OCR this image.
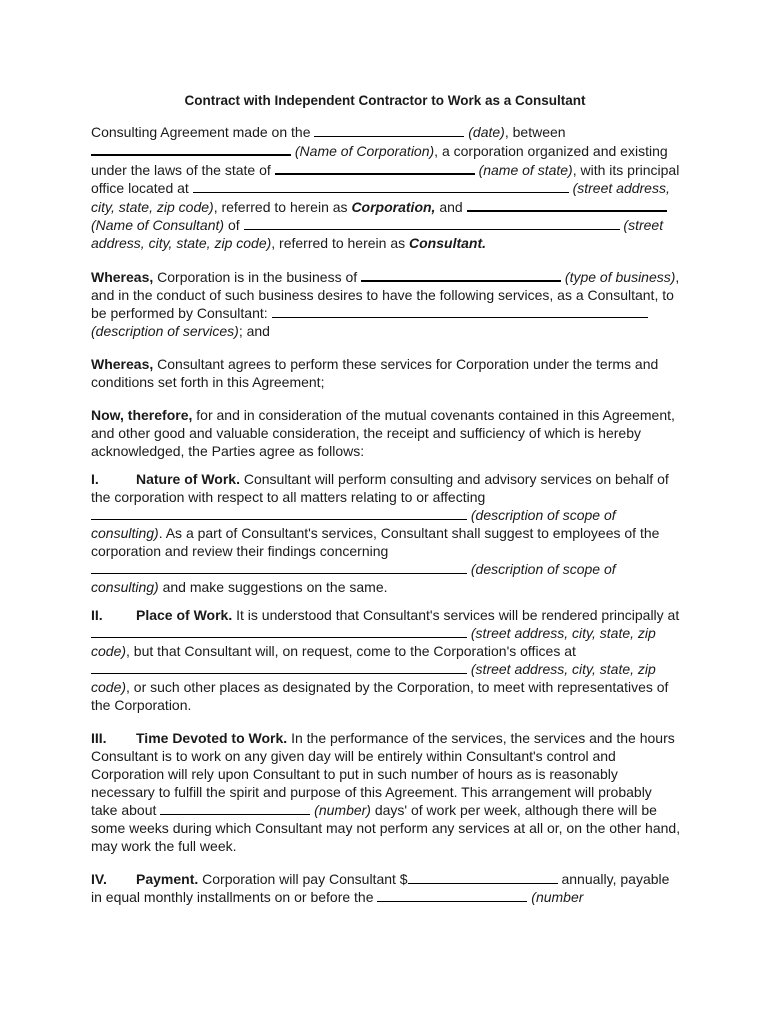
Contract with Independent Contractor to Work as a Consultant

Consulting Agreement made on the	(date), between  (Name of Corporation), a corporation organized and existing under the laws of the state of	(name of state), with its principal office located at	(street address, city, state, zip code), referred to herein as Corporation, and  (Name of Consultant) of	(street address, city, state, zip code), referred to herein as Consultant.

Whereas, Corporation is in the business of	(type of business), and in the conduct of such business desires to have the following services, as a Consultant, to be performed by Consultant:  (description of services); and

Whereas, Consultant agrees to perform these services for Corporation under the terms and conditions set forth in this Agreement;

Now, therefore, for and in consideration of the mutual covenants contained in this Agreement, and other good and valuable consideration, the receipt and sufficiency of which is hereby acknowledged, the Parties agree as follows:

I.	Nature of Work. Consultant will perform consulting and advisory services on behalf of the corporation with respect to all matters relating to or affecting  (description of scope of consulting). As a part of Consultant's services, Consultant shall suggest to employees of the corporation and review their findings concerning  (description of scope of consulting) and make suggestions on the same.

II. Place of Work. It is understood that Consultant's services will be rendered principally at  (street address, city, state, zip code), but that Consultant will, on request, come to the Corporation's offices at  (street address, city, state, zip code), or such other places as designated by the Corporation, to meet with representatives of the Corporation.

III. Time Devoted to Work. In the performance of the services, the services and the hours Consultant is to work on any given day will be entirely within Consultant's control and Corporation will rely upon Consultant to put in such number of hours as is reasonably necessary to fulfill the spirit and purpose of this Agreement. This arrangement will probably take about	(number) days' of work per week, although there will be some weeks during which Consultant may not perform any services at all or, on the other hand, may work the full week.

IV. Payment. Corporation will pay Consultant $	annually, payable in equal monthly installments on or before the	(number
